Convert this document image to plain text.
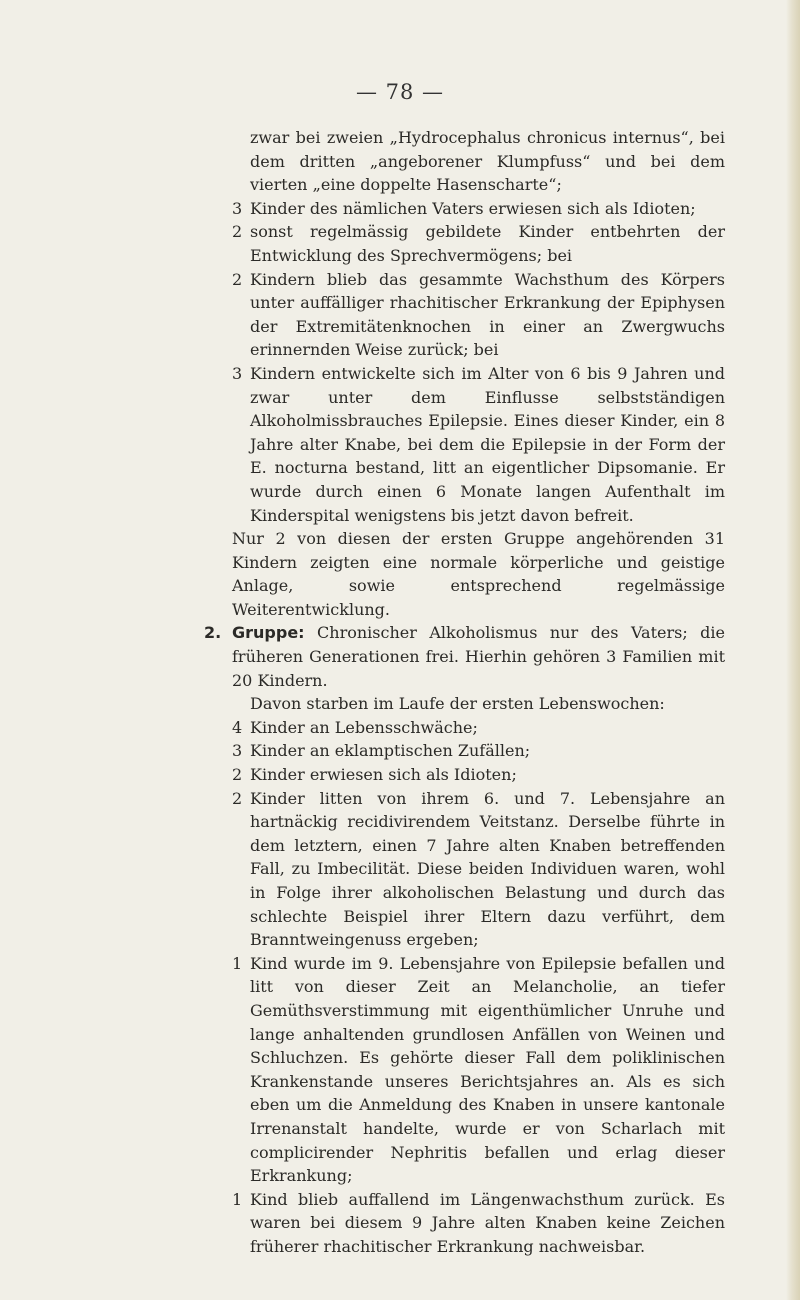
— 78 —
zwar bei zweien „Hydrocephalus chronicus internus“, bei dem dritten „angeborener Klumpfuss“ und bei dem vierten „eine doppelte Hasenscharte“;
3 Kinder des nämlichen Vaters erwiesen sich als Idioten;
2 sonst regelmässig gebildete Kinder entbehrten der Entwicklung des Sprechvermögens; bei
2 Kindern blieb das gesammte Wachsthum des Körpers unter auffälliger rhachitischer Erkrankung der Epiphysen der Extremitätenknochen in einer an Zwergwuchs erinnernden Weise zurück; bei
3 Kindern entwickelte sich im Alter von 6 bis 9 Jahren und zwar unter dem Einflusse selbstständigen Alkoholmissbrauches Epilepsie. Eines dieser Kinder, ein 8 Jahre alter Knabe, bei dem die Epilepsie in der Form der E. nocturna bestand, litt an eigentlicher Dipsomanie. Er wurde durch einen 6 Monate langen Aufenthalt im Kinderspital wenigstens bis jetzt davon befreit.
Nur 2 von diesen der ersten Gruppe angehörenden 31 Kindern zeigten eine normale körperliche und geistige Anlage, sowie entsprechend regelmässige Weiterentwicklung.
2. Gruppe: Chronischer Alkoholismus nur des Vaters; die früheren Generationen frei. Hierhin gehören 3 Familien mit 20 Kindern.
Davon starben im Laufe der ersten Lebenswochen:
4 Kinder an Lebensschwäche;
3 Kinder an eklamptischen Zufällen;
2 Kinder erwiesen sich als Idioten;
2 Kinder litten von ihrem 6. und 7. Lebensjahre an hartnäckig recidivirendem Veitstanz. Derselbe führte in dem letztern, einen 7 Jahre alten Knaben betreffenden Fall, zu Imbecilität. Diese beiden Individuen waren, wohl in Folge ihrer alkoholischen Belastung und durch das schlechte Beispiel ihrer Eltern dazu verführt, dem Branntweingenuss ergeben;
1 Kind wurde im 9. Lebensjahre von Epilepsie befallen und litt von dieser Zeit an Melancholie, an tiefer Gemüthsverstimmung mit eigenthümlicher Unruhe und lange anhaltenden grundlosen Anfällen von Weinen und Schluchzen. Es gehörte dieser Fall dem poliklinischen Krankenstande unseres Berichtsjahres an. Als es sich eben um die Anmeldung des Knaben in unsere kantonale Irrenanstalt handelte, wurde er von Scharlach mit complicirender Nephritis befallen und erlag dieser Erkrankung;
1 Kind blieb auffallend im Längenwachsthum zurück. Es waren bei diesem 9 Jahre alten Knaben keine Zeichen früherer rhachitischer Erkrankung nachweisbar.
